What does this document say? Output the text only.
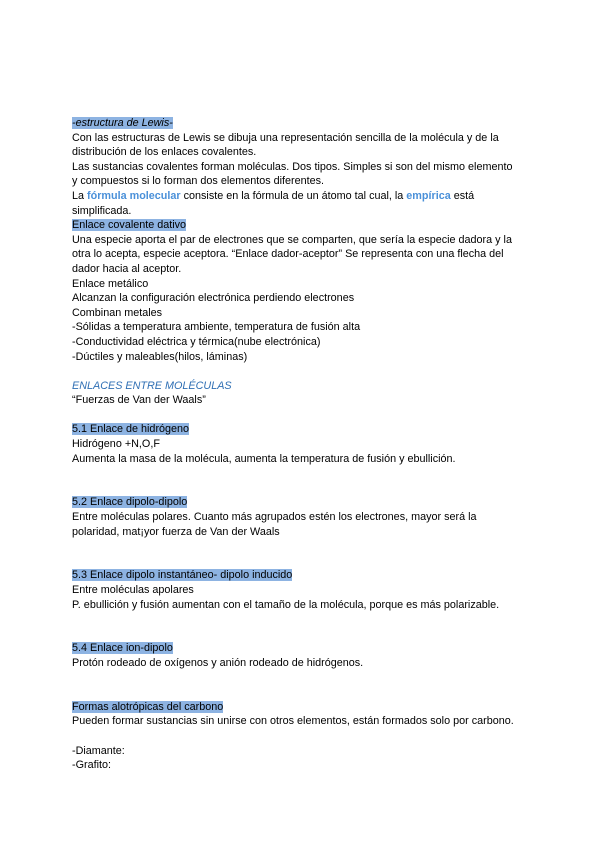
-estructura de Lewis-

Con las estructuras de Lewis se dibuja una representación sencilla de la molécula y de la

distribución de los enlaces covalentes.

Las sustancias covalentes forman moléculas. Dos tipos. Simples si son del mismo elemento

y compuestos si lo forman dos elementos diferentes.

La fórmula molecular consiste en la fórmula de un átomo tal cual, la empírica está

simplificada.

Enlace covalente dativo

Una especie aporta el par de electrones que se comparten, que sería la especie dadora y la

otra lo acepta, especie aceptora. “Enlace dador-aceptor” Se representa con una flecha del

dador hacia al aceptor.

Enlace metálico

Alcanzan la configuración electrónica perdiendo electrones

Combinan metales

-Sólidas a temperatura ambiente, temperatura de fusión alta

-Conductividad eléctrica y térmica(nube electrónica)

-Dúctiles y maleables(hilos, láminas)

ENLACES ENTRE MOLÉCULAS

“Fuerzas de Van der Waals”

5.1 Enlace de hidrógeno

Hidrógeno +N,O,F

Aumenta la masa de la molécula, aumenta la temperatura de fusión y ebullición.

5.2 Enlace dipolo-dipolo

Entre moléculas polares. Cuanto más agrupados estén los electrones, mayor será la

polaridad, mat¡yor fuerza de Van der Waals

5.3 Enlace dipolo instantáneo- dipolo inducido

Entre moléculas apolares

P. ebullición y fusión aumentan con el tamaño de la molécula, porque es más polarizable.

5.4 Enlace ion-dipolo

Protón rodeado de oxígenos y anión rodeado de hidrógenos.

Formas alotrópicas del carbono

Pueden formar sustancias sin unirse con otros elementos, están formados solo por carbono.

-Diamante:

-Grafito:
